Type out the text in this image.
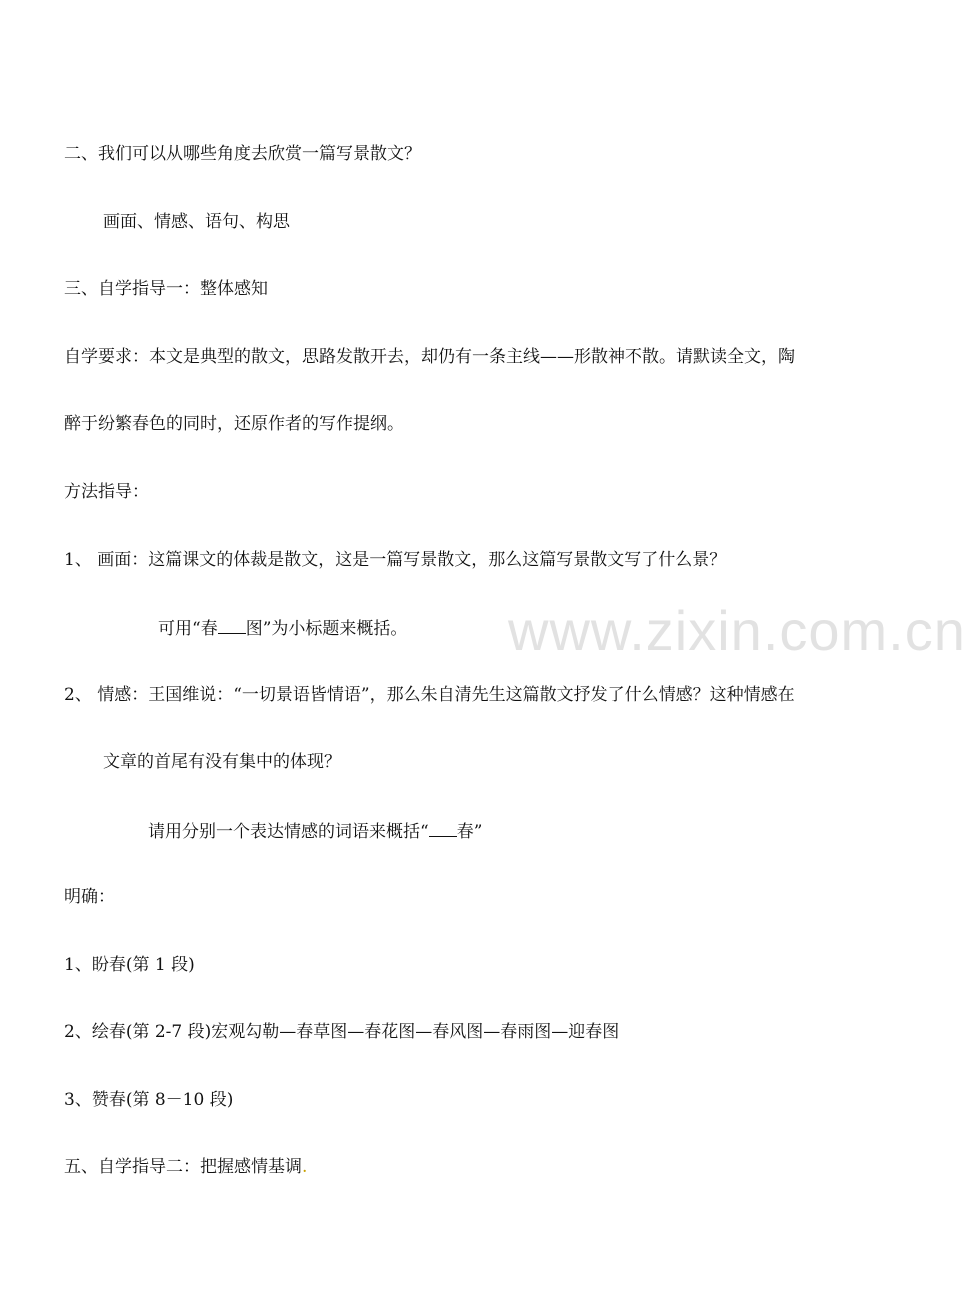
www.zixin.com.cn
二、我们可以从哪些角度去欣赏一篇写景散文？
画面、情感、语句、构思
三、自学指导一：整体感知
自学要求：本文是典型的散文，思路发散开去，却仍有一条主线——形散神不散。请默读全文，陶
醉于纷繁春色的同时，还原作者的写作提纲。
方法指导：
1、 画面：这篇课文的体裁是散文，这是一篇写景散文，那么这篇写景散文写了什么景？
可用“春 图”为小标题来概括。
2、 情感：王国维说：“一切景语皆情语”，那么朱自清先生这篇散文抒发了什么情感？这种情感在
文章的首尾有没有集中的体现？
请用分别一个表达情感的词语来概括“ 春”
明确：
1、盼春(第 1 段)
2、绘春(第 2-7 段)宏观勾勒—春草图—春花图—春风图—春雨图—迎春图
3、赞春(第 8－10 段)
五、自学指导二：把握感情基调.
